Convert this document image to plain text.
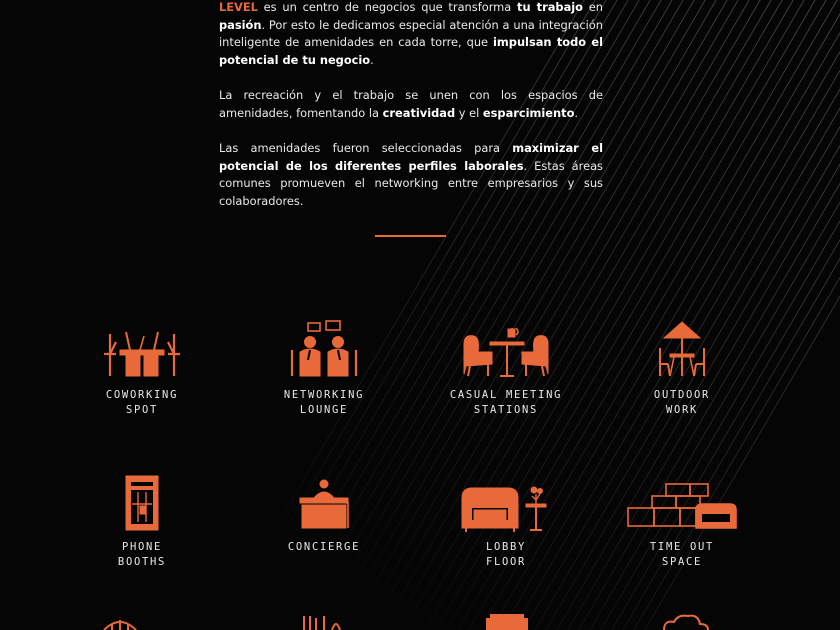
LEVEL es un centro de negocios que transforma tu trabajo en pasión. Por esto le dedicamos especial atención a una integración inteligente de amenidades en cada torre, que impulsan todo el potencial de tu negocio.

La recreación y el trabajo se unen con los espacios de amenidades, fomentando la creatividad y el esparcimiento.

Las amenidades fueron seleccionadas para maximizar el potencial de los diferentes perfiles laborales. Estas áreas comunes promueven el networking entre empresarios y sus colaboradores.

COWORKING
SPOT
NETWORKING
LOUNGE
CASUAL MEETING
STATIONS
OUTDOOR
WORK
PHONE
BOOTHS
CONCIERGE	LOBBY
FLOOR
TIME OUT
SPACE
